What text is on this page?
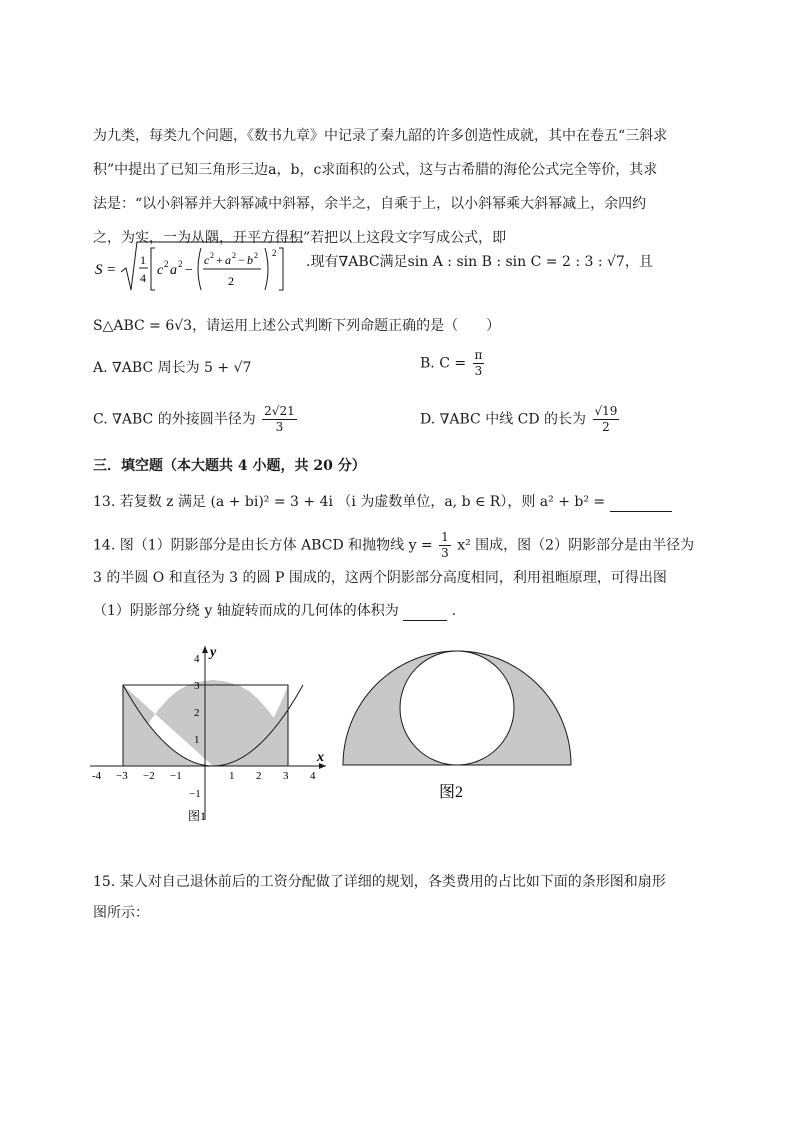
为九类，每类九个问题，《数书九章》中记录了秦九韶的许多创造性成就，其中在卷五“三斜求
积”中提出了已知三角形三边a，b，c求面积的公式，这与古希腊的海伦公式完全等价，其求
法是：“以小斜幂并大斜幂减中斜幂，余半之，自乘于上，以小斜幂乘大斜幂减上，余四约
之，为实，一为从隅，开平方得积”若把以上这段文字写成公式，即
S =
1
4 c 2 a 2 −
c 2 + a 2 − b 2
2
2
.现有∇ABC满足sin A : sin B : sin C = 2 : 3 : √7，且
S△ABC = 6√3，请运用上述公式判断下列命题正确的是（　　）
A. ∇ABC 周长为 5 + √7	B. $C = \frac{\pi}{3}$
C. ∇ABC 的外接圆半径为 $\frac{2√21}{3}$	D. ∇ABC 中线 CD 的长为 $\frac{√19}{2}$
三．填空题（本大题共 4 小题，共 20 分）
13. 若复数 z 满足 (a + bi)² = 3 + 4i （i 为虚数单位，a, b ∈ R），则 a² + b² =
14. 图（1）阴影部分是由长方体 ABCD 和抛物线 $y = \frac{1}{3} x^2$ 围成，图（2）阴影部分是由半径为
3 的半圆 O 和直径为 3 的圆 P 围成的，这两个阴影部分高度相同，利用祖暅原理，可得出图
（1）阴影部分绕 y 轴旋转而成的几何体的体积为	.
x
y
-4 −3 −2 −1	1 2 3 4
4
3
2
1
−1
图1
图2
15. 某人对自己退休前后的工资分配做了详细的规划，各类费用的占比如下面的条形图和扇形
图所示：
